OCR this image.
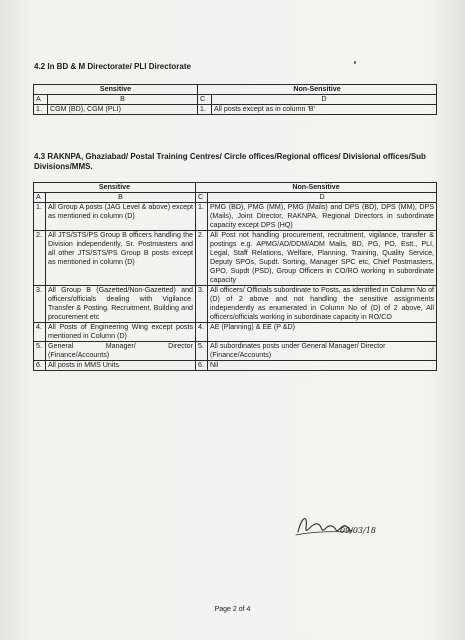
4.2 In BD & M Directorate/ PLI Directorate
Sensitive		Non-Sensitive	
A	B	C	D
1.	CGM (BD), CGM (PLI)	1.	All posts except as in column 'B'
4.3 RAKNPA, Ghaziabad/ Postal Training Centres/ Circle offices/Regional offices/ Divisional offices/Sub Divisions/MMS.
Sensitive		Non-Sensitive	
A	B	C	D
1.	All Group A posts (JAG Level & above) except as mentioned in column (D)	1.	PMG (BD), PMG (MM), PMG (Mails) and DPS (BD), DPS (MM), DPS (Mails), Joint Director, RAKNPA, Regional Directors in subordinate capacity except DPS (HQ)
2.	All JTS/STS/PS Group B officers handling the Division independently, Sr. Postmasters and all other JTS/STS/PS Group B posts except as mentioned in column (D)	2.	All Post not handling procurement, recruitment, vigilance, transfer & postings e.g. APMG/AD/DDM/ADM Mails, BD, PG, PO, Estt., PLI, Legal, Staff Relations, Welfare, Planning, Training, Quality Service, Deputy SPOs, Supdt. Sorting, Manager SPC etc, Chief Postmasters, GPO, Supdt (PSD), Group Officers in CO/RO working in subordinate capacity
3.	All Group B (Gazetted/Non-Gazetted) and officers/officials dealing with Vigilance. Transfer & Posting. Recruitment. Building and procurement etc	3.	All officers/ Officials subordinate to Posts, as identified in Column No of (D) of 2 above and not handling the sensitive assignments independently as enumerated in Column No of (D) of 2 above, All officers/officials working in subordinate capacity in RO/CO
4.	All Posts of Engineering Wing except posts mentioned in Column (D)	4.	AE (Planning) & EE (P &D)
5.	General Manager/ Director (Finance/Accounts)	5.	All subordinates posts under General Manager/ Director (Finance/Accounts)
6.	All posts in MMS Units	6.	Nil
09/03/18
Page 2 of 4
